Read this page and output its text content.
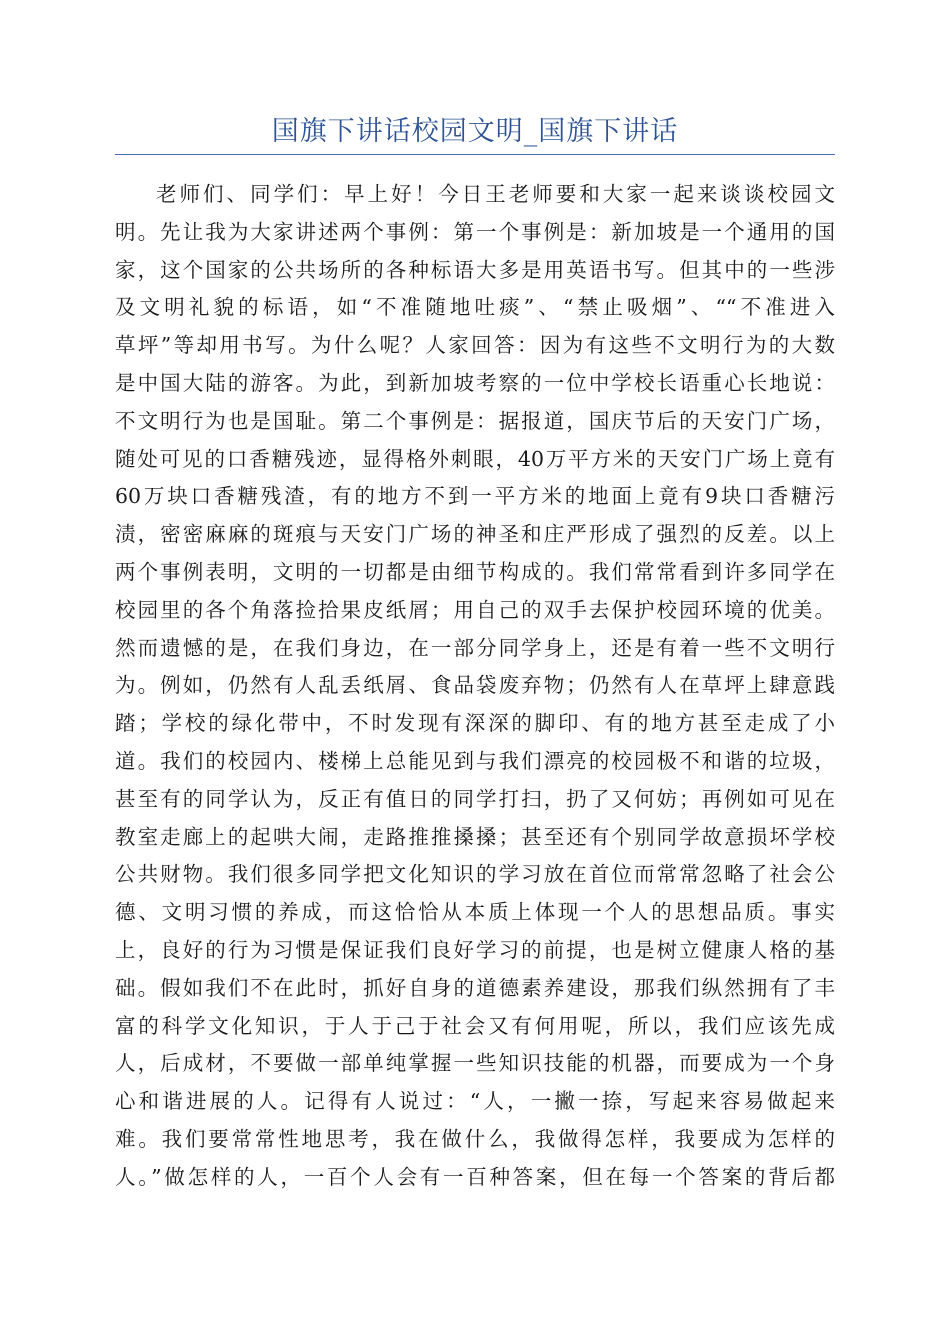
国旗下讲话校园文明_国旗下讲话
老师们、同学们：早上好！今日王老师要和大家一起来谈谈校园文
明。先让我为大家讲述两个事例：第一个事例是：新加坡是一个通用的国
家，这个国家的公共场所的各种标语大多是用英语书写。但其中的一些涉
及文明礼貌的标语，如“不准随地吐痰”、“禁止吸烟”、““不准进入
草坪”等却用书写。为什么呢？人家回答：因为有这些不文明行为的大数
是中国大陆的游客。为此，到新加坡考察的一位中学校长语重心长地说：
不文明行为也是国耻。第二个事例是：据报道，国庆节后的天安门广场，
随处可见的口香糖残迹，显得格外刺眼，40万平方米的天安门广场上竟有
60万块口香糖残渣，有的地方不到一平方米的地面上竟有9块口香糖污
渍，密密麻麻的斑痕与天安门广场的神圣和庄严形成了强烈的反差。以上
两个事例表明，文明的一切都是由细节构成的。我们常常看到许多同学在
校园里的各个角落捡拾果皮纸屑；用自己的双手去保护校园环境的优美。
然而遗憾的是，在我们身边，在一部分同学身上，还是有着一些不文明行
为。例如，仍然有人乱丢纸屑、食品袋废弃物；仍然有人在草坪上肆意践
踏；学校的绿化带中，不时发现有深深的脚印、有的地方甚至走成了小
道。我们的校园内、楼梯上总能见到与我们漂亮的校园极不和谐的垃圾，
甚至有的同学认为，反正有值日的同学打扫，扔了又何妨；再例如可见在
教室走廊上的起哄大闹，走路推推搡搡；甚至还有个别同学故意损坏学校
公共财物。我们很多同学把文化知识的学习放在首位而常常忽略了社会公
德、文明习惯的养成，而这恰恰从本质上体现一个人的思想品质。事实
上，良好的行为习惯是保证我们良好学习的前提，也是树立健康人格的基
础。假如我们不在此时，抓好自身的道德素养建设，那我们纵然拥有了丰
富的科学文化知识，于人于己于社会又有何用呢，所以，我们应该先成
人，后成材，不要做一部单纯掌握一些知识技能的机器，而要成为一个身
心和谐进展的人。记得有人说过：“人，一撇一捺，写起来容易做起来
难。我们要常常性地思考，我在做什么，我做得怎样，我要成为怎样的
人。”做怎样的人，一百个人会有一百种答案，但在每一个答案的背后都
